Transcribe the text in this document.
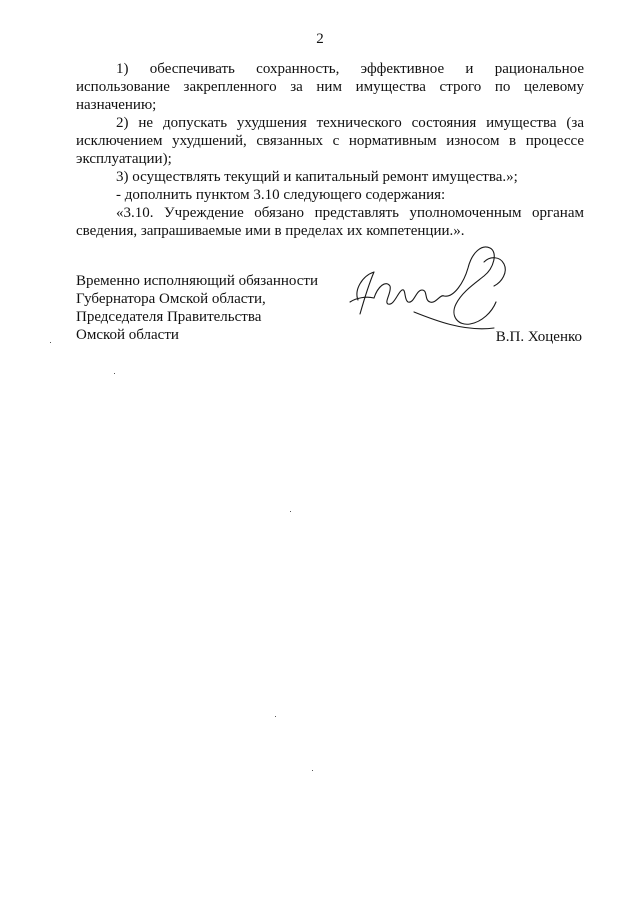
2

1) обеспечивать сохранность, эффективное и рациональное использование закрепленного за ним имущества строго по целевому назначению;

2) не допускать ухудшения технического состояния имущества (за исключением ухудшений, связанных с нормативным износом в процессе эксплуатации);

3) осуществлять текущий и капитальный ремонт имущества.»;

- дополнить пунктом 3.10 следующего содержания:

«3.10. Учреждение обязано представлять уполномоченным органам сведения, запрашиваемые ими в пределах их компетенции.».

Временно исполняющий обязанности
Губернатора Омской области,
Председателя Правительства
Омской области	В.П. Хоценко
